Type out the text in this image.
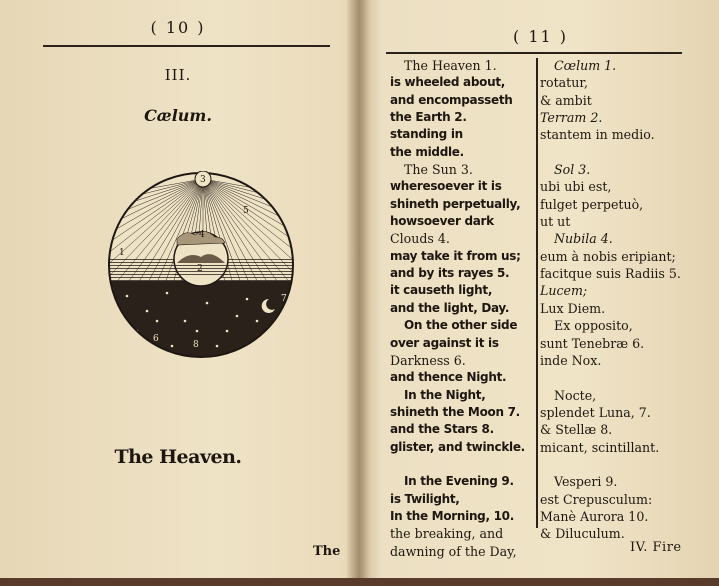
( 10 )
III.
Cælum.
1
2
3
4
5
6
7
8
The Heaven.
The
( 11 )
The Heaven 1.
is wheeled about,
and encompasseth
the Earth 2.
standing in
the middle.
The Sun 3.
wheresoever it is
shineth perpetually,
howsoever dark
Clouds 4.
may take it from us;
and by its rayes 5.
it causeth light,
and the light, Day.
On the other side
over against it is
Darkness 6.
and thence Night.
In the Night,
shineth the Moon 7.
and the Stars 8.
glister, and twinckle.
In the Evening 9.
is Twilight,
In the Morning, 10.
the breaking, and
dawning of the Day,
Cœlum 1.
rotatur,
& ambit
Terram 2.
stantem in medio.
Sol 3.
ubi ubi est,
fulget perpetuò,
ut ut
Nubila 4.
eum à nobis eripiant;
facitque suis Radiis 5.
Lucem;
Lux Diem.
Ex opposito,
sunt Tenebræ 6.
inde Nox.
Nocte,
splendet Luna, 7.
& Stellæ 8.
micant, scintillant.
Vesperi 9.
est Crepusculum:
Manè Aurora 10.
& Diluculum.
IV. Fire
